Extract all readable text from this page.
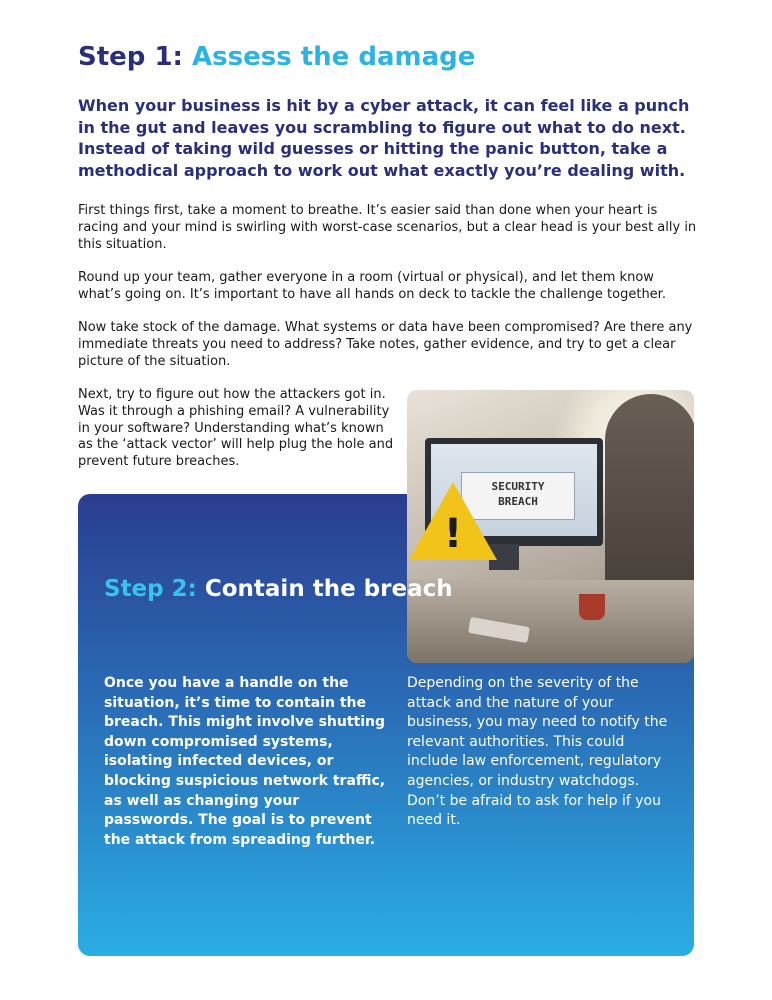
Step 1: Assess the damage

When your business is hit by a cyber attack, it can feel like a punch in the gut and leaves you scrambling to figure out what to do next. Instead of taking wild guesses or hitting the panic button, take a methodical approach to work out what exactly you’re dealing with.

First things first, take a moment to breathe. It’s easier said than done when your heart is racing and your mind is swirling with worst-case scenarios, but a clear head is your best ally in this situation.

Round up your team, gather everyone in a room (virtual or physical), and let them know what’s going on. It’s important to have all hands on deck to tackle the challenge together.

Now take stock of the damage. What systems or data have been compromised? Are there any immediate threats you need to address? Take notes, gather evidence, and try to get a clear picture of the situation.

Next, try to figure out how the attackers got in. Was it through a phishing email? A vulnerability in your software? Understanding what’s known as the ‘attack vector’ will help plug the hole and prevent future breaches.

SECURITY
BREACH
!
Step 2: Contain the breach

Once you have a handle on the situation, it’s time to contain the breach. This might involve shutting down compromised systems, isolating infected devices, or blocking suspicious network traffic, as well as changing your passwords. The goal is to prevent the attack from spreading further.

Depending on the severity of the attack and the nature of your business, you may need to notify the relevant authorities. This could include law enforcement, regulatory agencies, or industry watchdogs. Don’t be afraid to ask for help if you need it.
